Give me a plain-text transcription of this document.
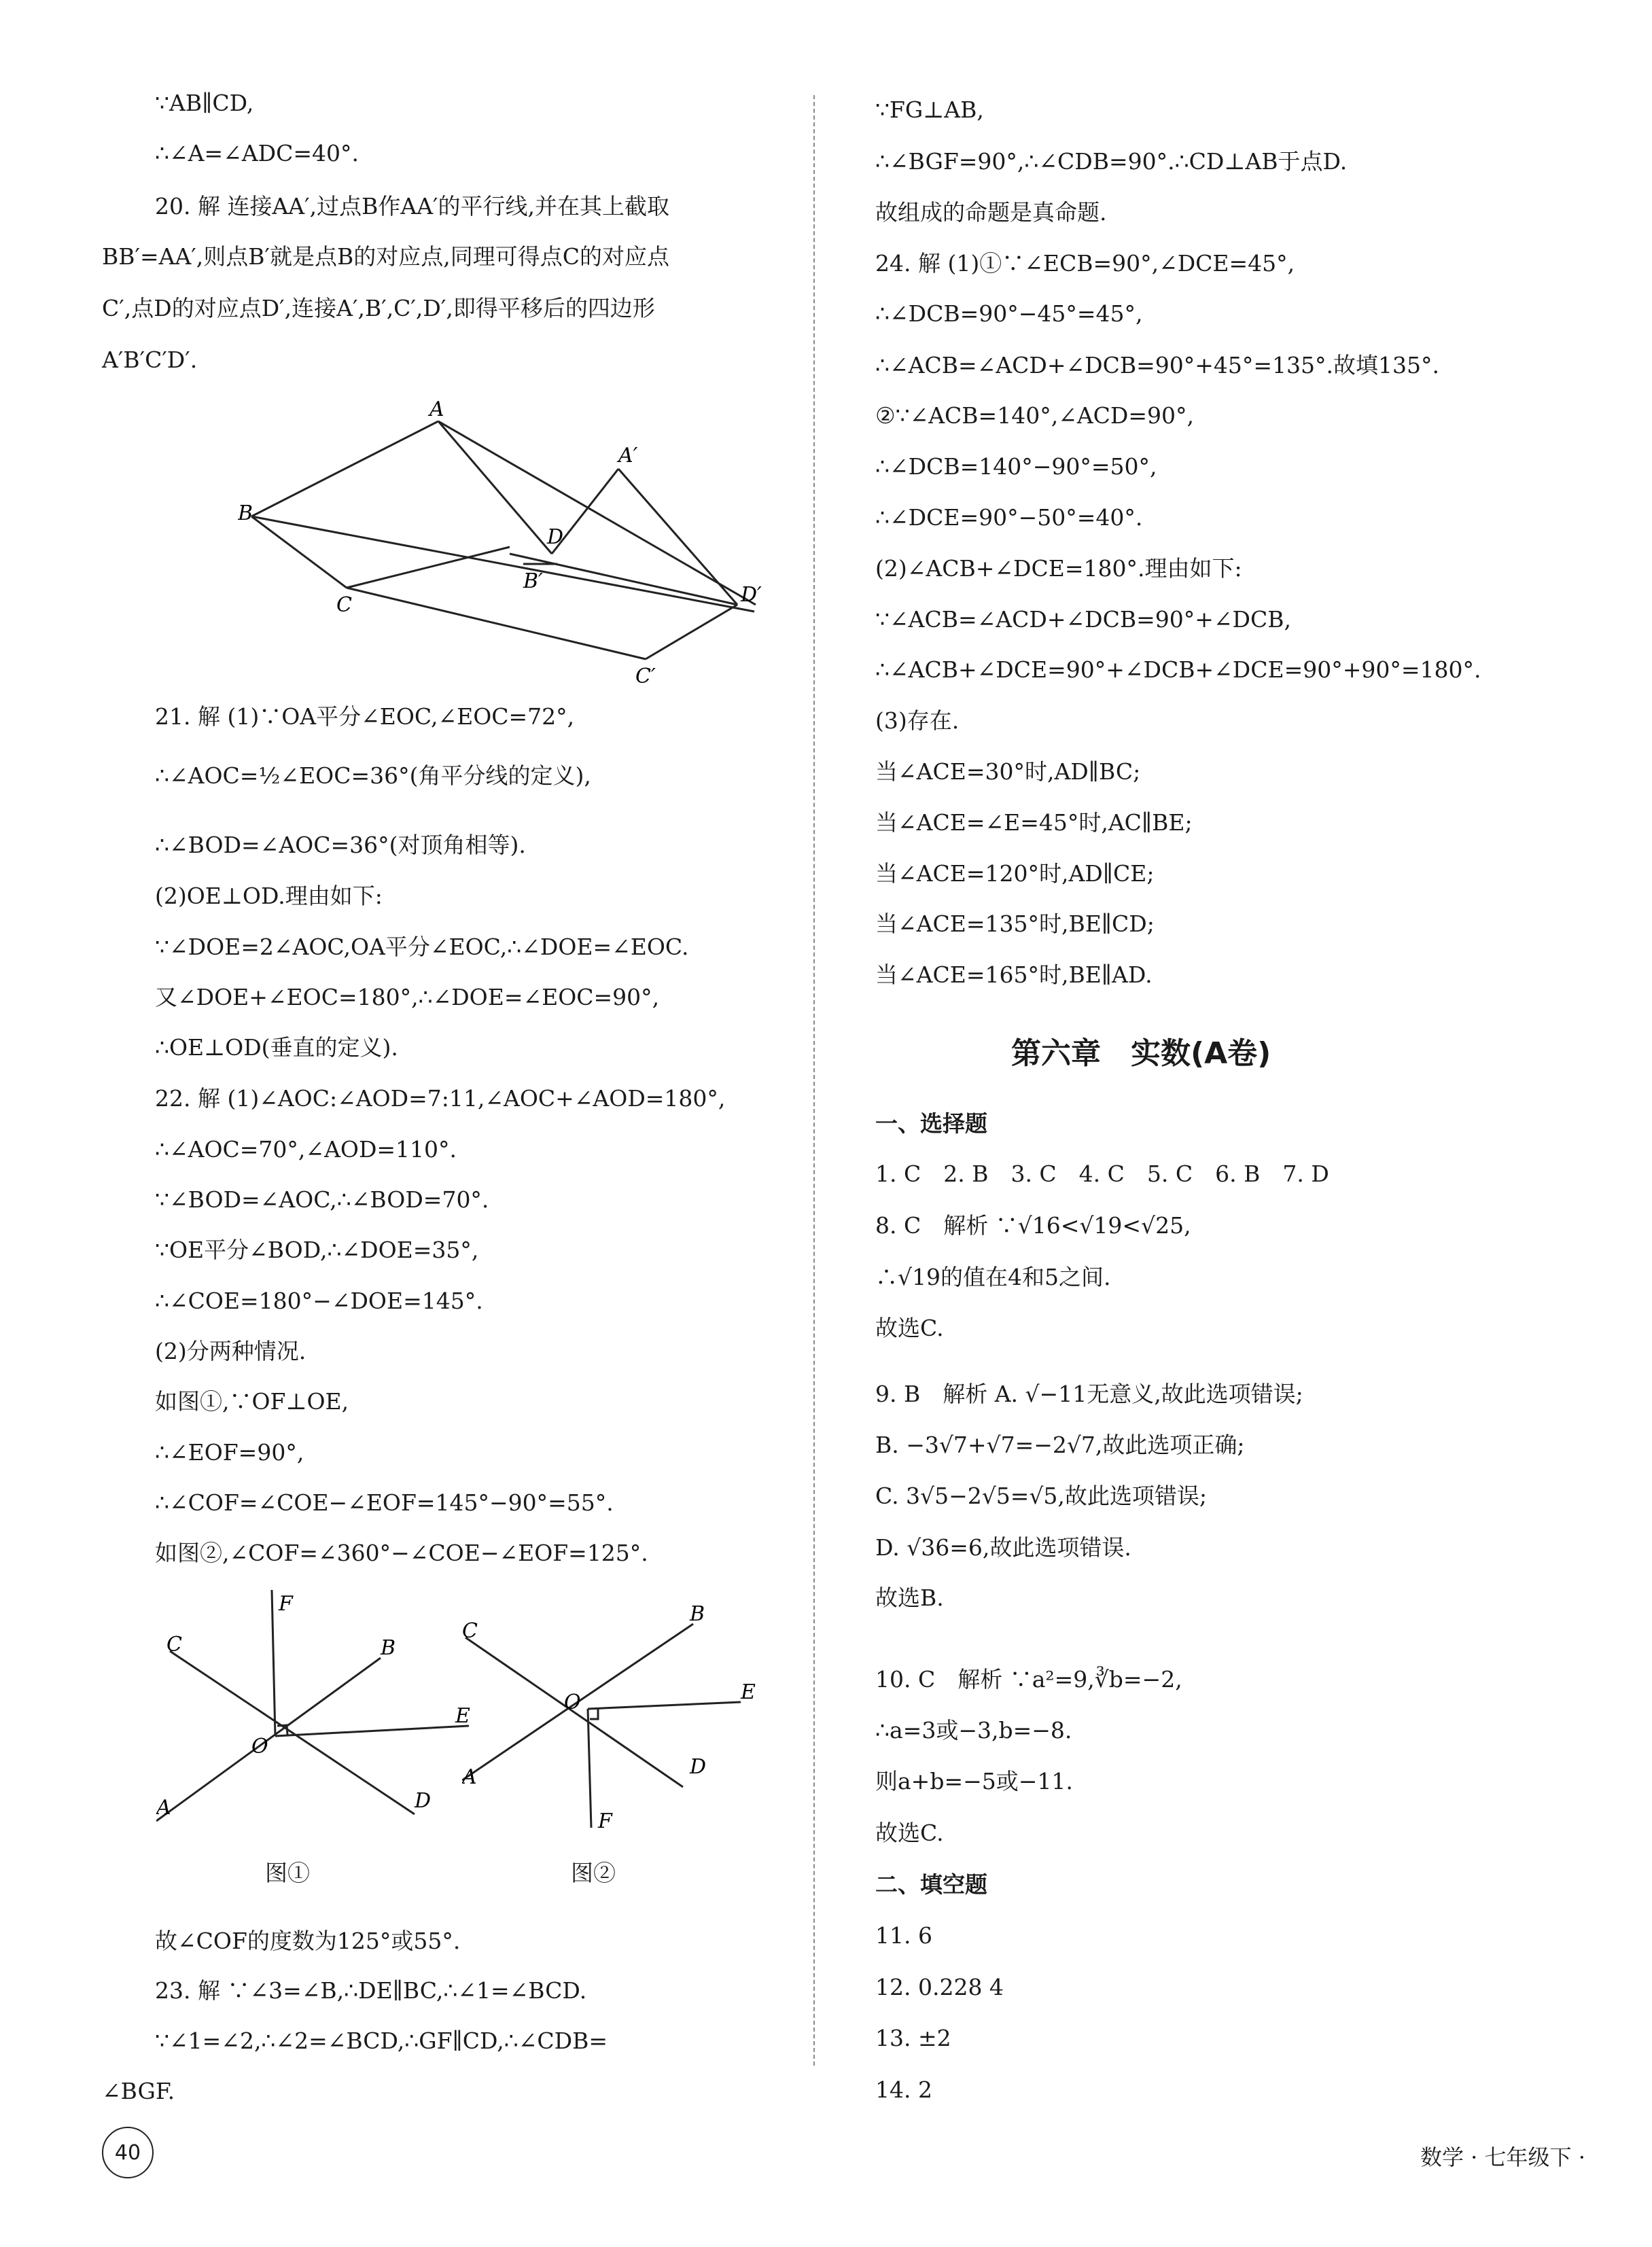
∵AB∥CD,
∴∠A=∠ADC=40°.
20. 解 连接AA′,过点B作AA′的平行线,并在其上截取
BB′=AA′,则点B′就是点B的对应点,同理可得点C的对应点
C′,点D的对应点D′,连接A′,B′,C′,D′,即得平移后的四边形
A′B′C′D′.
A
A′
B
D
B′
C	D′
C′
21. 解 (1)∵OA平分∠EOC,∠EOC=72°,
∴∠AOC=½∠EOC=36°(角平分线的定义),
∴∠BOD=∠AOC=36°(对顶角相等).
(2)OE⊥OD.理由如下:
∵∠DOE=2∠AOC,OA平分∠EOC,∴∠DOE=∠EOC.
又∠DOE+∠EOC=180°,∴∠DOE=∠EOC=90°,
∴OE⊥OD(垂直的定义).
22. 解 (1)∠AOC:∠AOD=7:11,∠AOC+∠AOD=180°,
∴∠AOC=70°,∠AOD=110°.
∵∠BOD=∠AOC,∴∠BOD=70°.
∵OE平分∠BOD,∴∠DOE=35°,
∴∠COE=180°−∠DOE=145°.
(2)分两种情况.
如图①,∵OF⊥OE,
∴∠EOF=90°,
∴∠COF=∠COE−∠EOF=145°−90°=55°.
如图②,∠COF=∠360°−∠COE−∠EOF=125°.
F
C	B
E
O
A	D
图①
C
B
E
O
A	D
F
图②
故∠COF的度数为125°或55°.
23. 解 ∵∠3=∠B,∴DE∥BC,∴∠1=∠BCD.
∵∠1=∠2,∴∠2=∠BCD,∴GF∥CD,∴∠CDB=
∠BGF.
∵FG⊥AB,
∴∠BGF=90°,∴∠CDB=90°.∴CD⊥AB于点D.
故组成的命题是真命题.
24. 解 (1)①∵∠ECB=90°,∠DCE=45°,
∴∠DCB=90°−45°=45°,
∴∠ACB=∠ACD+∠DCB=90°+45°=135°.故填135°.
②∵∠ACB=140°,∠ACD=90°,
∴∠DCB=140°−90°=50°,
∴∠DCE=90°−50°=40°.
(2)∠ACB+∠DCE=180°.理由如下:
∵∠ACB=∠ACD+∠DCB=90°+∠DCB,
∴∠ACB+∠DCE=90°+∠DCB+∠DCE=90°+90°=180°.
(3)存在.
当∠ACE=30°时,AD∥BC;
当∠ACE=∠E=45°时,AC∥BE;
当∠ACE=120°时,AD∥CE;
当∠ACE=135°时,BE∥CD;
当∠ACE=165°时,BE∥AD.
第六章　实数(A卷)
一、选择题
1. C　2. B　3. C　4. C　5. C　6. B　7. D
8. C　解析 ∵√16<√19<√25,
∴√19的值在4和5之间.
故选C.
9. B　解析 A. √−11无意义,故此选项错误;
B. −3√7+√7=−2√7,故此选项正确;
C. 3√5−2√5=√5,故此选项错误;
D. √36=6,故此选项错误.
故选B.
10. C　解析 ∵a²=9,∛b=−2,
∴a=3或−3,b=−8.
则a+b=−5或−11.
故选C.
二、填空题
11. 6
12. 0.228 4
13. ±2
14. 2
40	数学 · 七年级下 ·
